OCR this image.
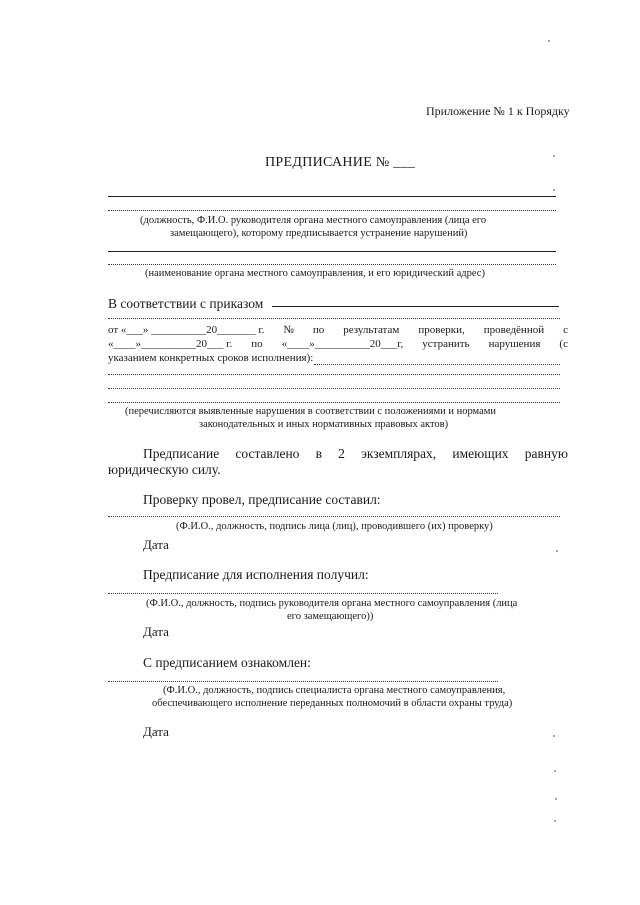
Приложение № 1 к Порядку
ПРЕДПИСАНИЕ № ___
(должность, Ф.И.О. руководителя органа местного самоуправления (лица его
замещающего), которому предписывается устранение нарушений)
(наименование органа местного самоуправления, и его юридический адрес)
В соответствии с приказом
от «___» __________20_______ г. № по результатам проверки, проведённой с
«____»__________20___ г. по «____»__________20___г, устранить нарушения (с
указанием конкретных сроков исполнения):
(перечисляются выявленные нарушения в соответствии с положениями и нормами
законодательных и иных нормативных правовых актов)
Предписание составлено в 2 экземплярах, имеющих равную
юридическую силу.
Проверку провел, предписание составил:
(Ф.И.О., должность, подпись лица (лиц), проводившего (их) проверку)
Дата
Предписание для исполнения получил:
(Ф.И.О., должность, подпись руководителя органа местного самоуправления (лица
его замещающего))
Дата
С предписанием ознакомлен:
(Ф.И.О., должность, подпись специалиста органа местного самоуправления,
обеспечивающего исполнение переданных полномочий в области охраны труда)
Дата
